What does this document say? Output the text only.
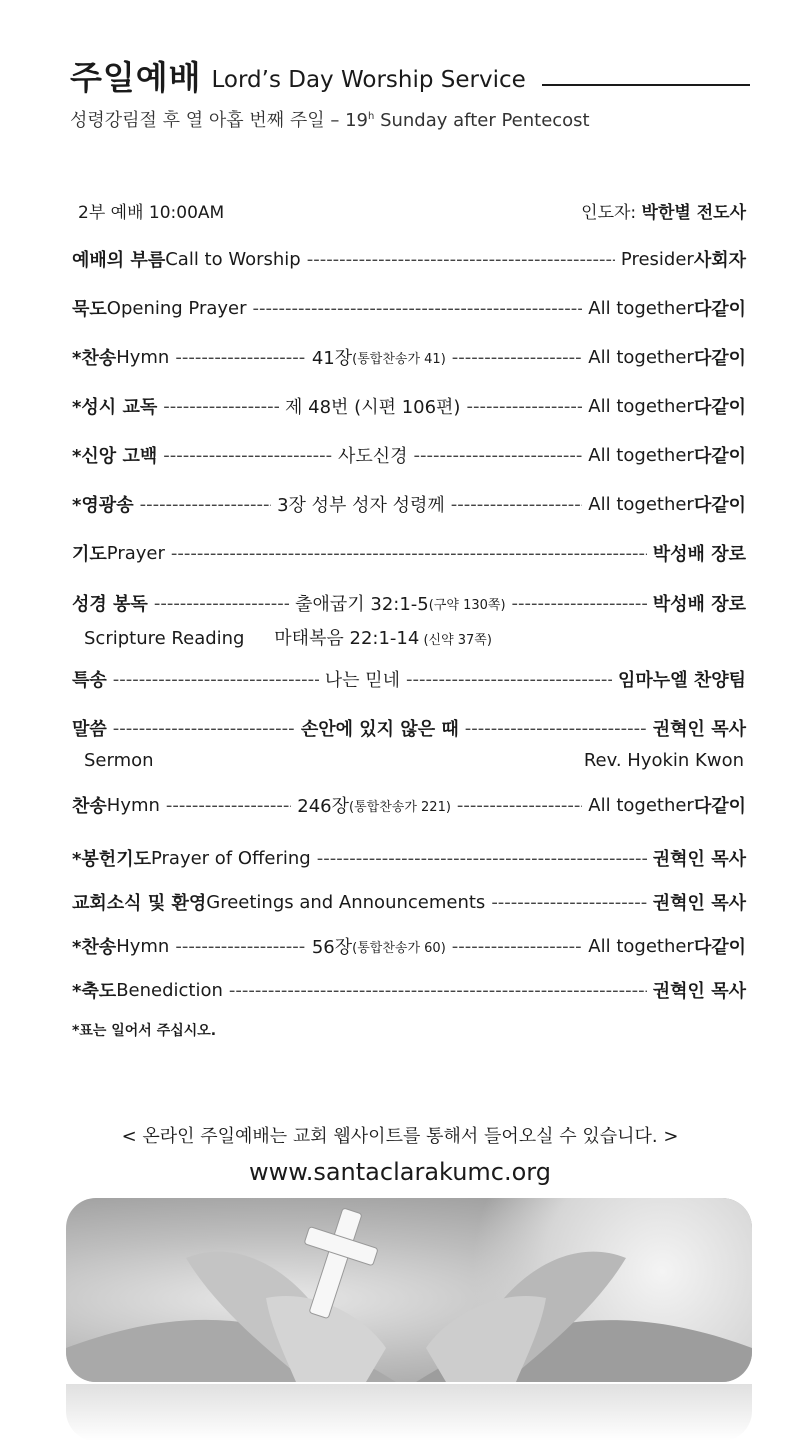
주일예배 Lord’s Day Worship Service
성령강림절 후 열 아홉 번째 주일 – 19$^h$ Sunday after Pentecost
2부 예배 10:00AM	인도자: 박한별 전도사
예배의 부름 Call to Worship -----	Presider 사회자
묵도 Opening Prayer -----	All together 다같이
*찬송 Hymn -----	41장 (통합찬송가 41) -----	All together 다같이
*성시 교독 -----	제 48번 (시편 106편) -----	All together 다같이
*신앙 고백 -----	사도신경 -----	All together 다같이
*영광송 -----	3장 성부 성자 성령께 -----	All together 다같이
기도 Prayer -----	박성배 장로
성경 봉독 -----	출애굽기 32:1-5 (구약 130쪽) -----	박성배 장로
Scripture Reading 마태복음 22:1-14 (신약 37쪽)
특송 -----	나는 믿네 -----	임마누엘 찬양팀
말씀 -----	손안에 있지 않은 때 -----	권혁인 목사
Sermon	Rev. Hyokin Kwon
찬송 Hymn -----	246장 (통합찬송가 221) -----	All together 다같이
*봉헌기도 Prayer of Offering -----	권혁인 목사
교회소식 및 환영 Greetings and Announcements -----	권혁인 목사
*찬송 Hymn -----	56장 (통합찬송가 60) -----	All together 다같이
*축도 Benediction -----	권혁인 목사
*표는 일어서 주십시오.
< 온라인 주일예배는 교회 웹사이트를 통해서 들어오실 수 있습니다. >
www.santaclarakumc.org
